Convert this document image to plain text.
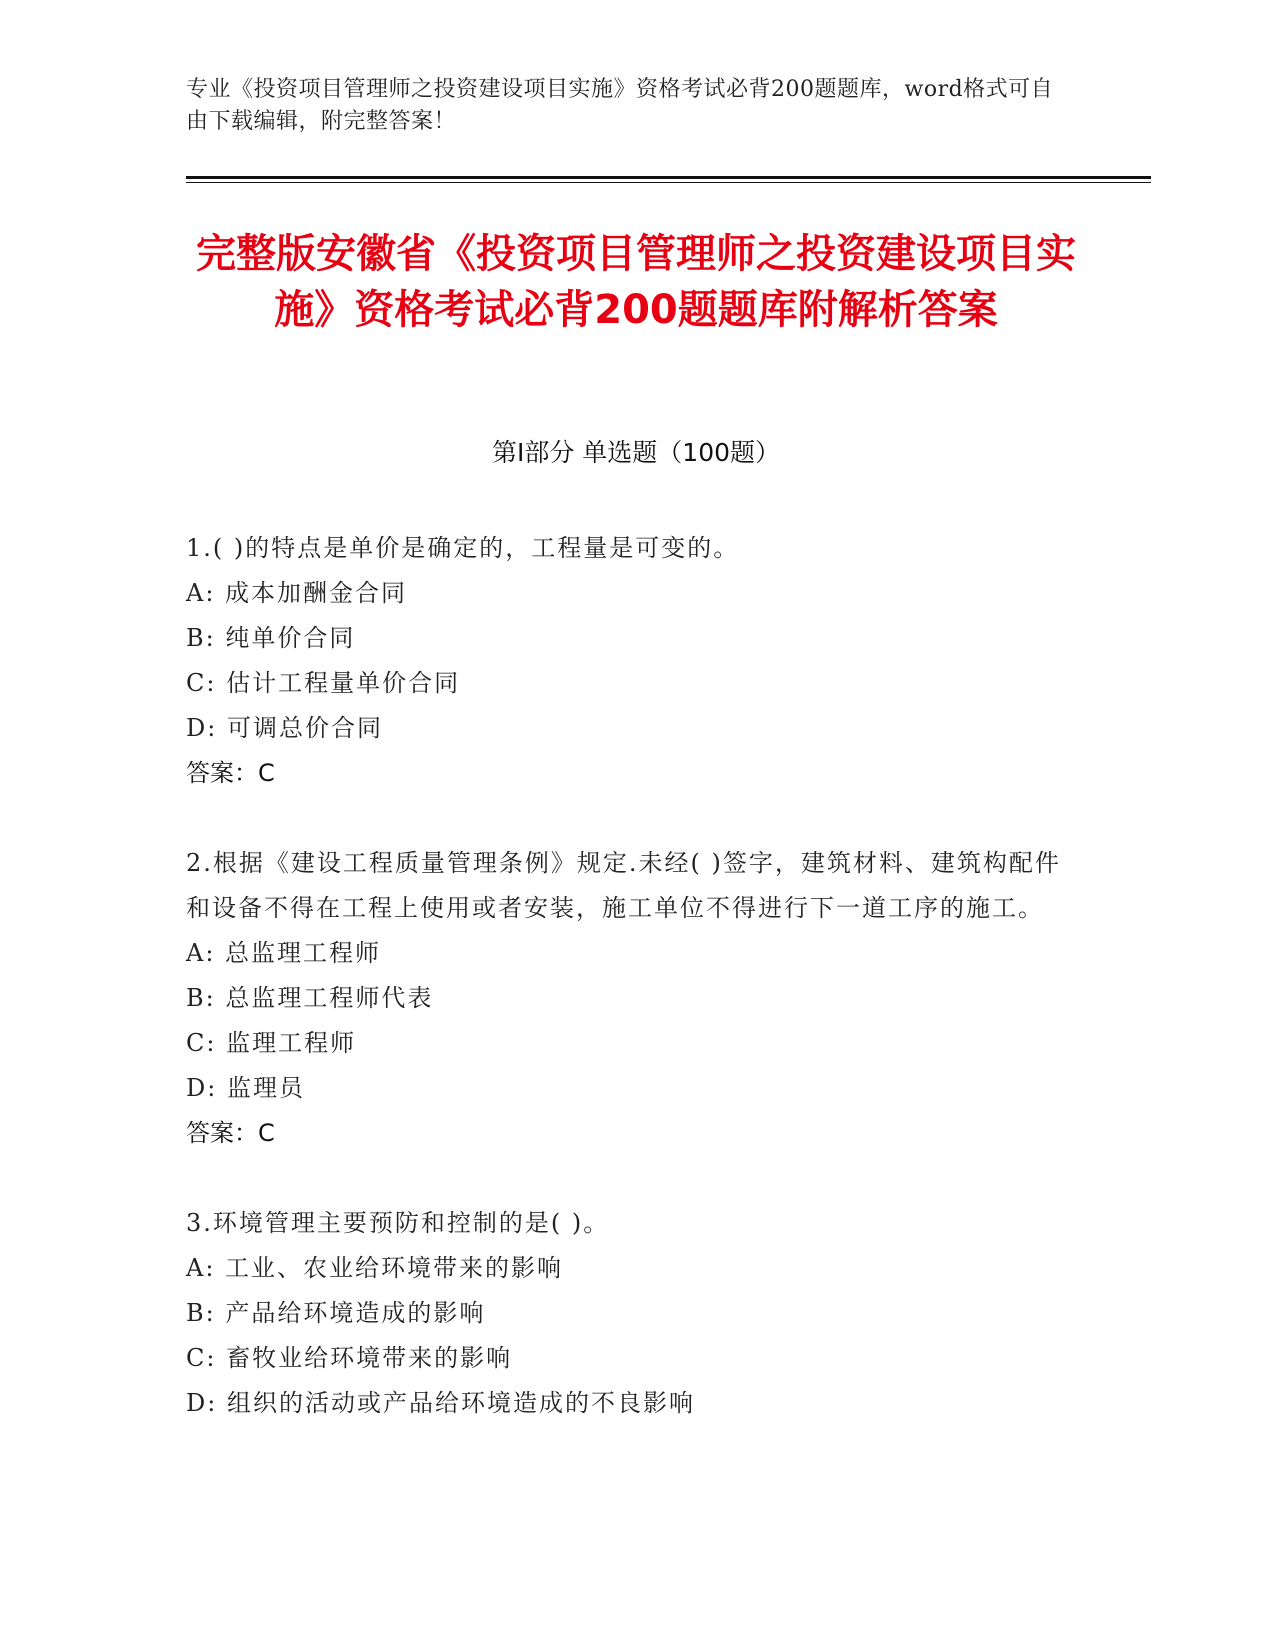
专业《投资项目管理师之投资建设项目实施》资格考试必背200题题库，word格式可自由下载编辑，附完整答案！
完整版安徽省《投资项目管理师之投资建设项目实施》资格考试必背200题题库附解析答案
第Ⅰ部分 单选题（100题）
1.( )的特点是单价是确定的，工程量是可变的。
A: 成本加酬金合同
B: 纯单价合同
C: 估计工程量单价合同
D: 可调总价合同
答案：C
2.根据《建设工程质量管理条例》规定.未经( )签字，建筑材料、建筑构配件和设备不得在工程上使用或者安装，施工单位不得进行下一道工序的施工。
A: 总监理工程师
B: 总监理工程师代表
C: 监理工程师
D: 监理员
答案：C
3.环境管理主要预防和控制的是( )。
A: 工业、农业给环境带来的影响
B: 产品给环境造成的影响
C: 畜牧业给环境带来的影响
D: 组织的活动或产品给环境造成的不良影响
